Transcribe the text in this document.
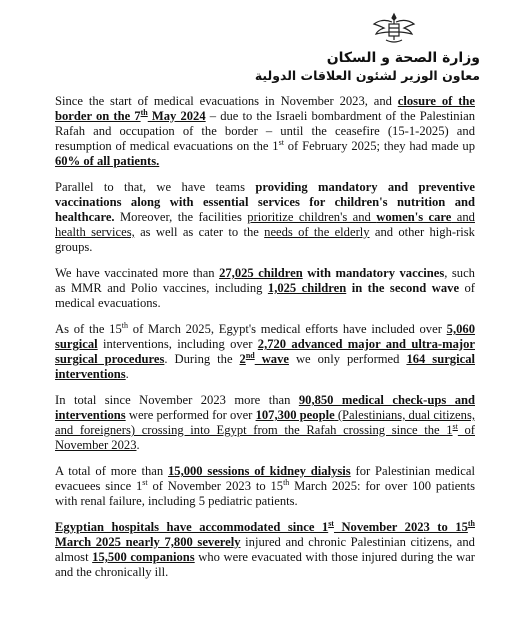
وزارة الصحة و السكان
معاون الوزير لشئون العلاقات الدولية

Since the start of medical evacuations in November 2023, and closure of the border on the 7th May 2024 – due to the Israeli bombardment of the Palestinian Rafah and occupation of the border – until the ceasefire (15-1-2025) and resumption of medical evacuations on the 1st of February 2025; they had made up 60% of all patients.

Parallel to that, we have teams providing mandatory and preventive vaccinations along with essential services for children's nutrition and healthcare. Moreover, the facilities prioritize children's and women's care and health services, as well as cater to the needs of the elderly and other high-risk groups.

We have vaccinated more than 27,025 children with mandatory vaccines, such as MMR and Polio vaccines, including 1,025 children in the second wave of medical evacuations.

As of the 15th of March 2025, Egypt's medical efforts have included over 5,060 surgical interventions, including over 2,720 advanced major and ultra-major surgical procedures. During the 2nd wave we only performed 164 surgical interventions.

In total since November 2023 more than 90,850 medical check-ups and interventions were performed for over 107,300 people (Palestinians, dual citizens, and foreigners) crossing into Egypt from the Rafah crossing since the 1st of November 2023.

A total of more than 15,000 sessions of kidney dialysis for Palestinian medical evacuees since 1st of November 2023 to 15th March 2025: for over 100 patients with renal failure, including 5 pediatric patients.

Egyptian hospitals have accommodated since 1st November 2023 to 15th March 2025 nearly 7,800 severely injured and chronic Palestinian citizens, and almost 15,500 companions who were evacuated with those injured during the war and the chronically ill.
